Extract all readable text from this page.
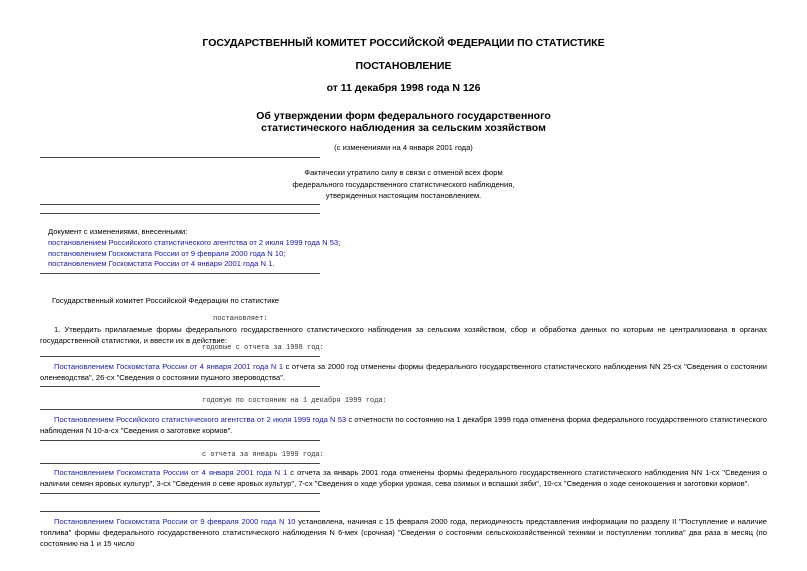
ГОСУДАРСТВЕННЫЙ КОМИТЕТ РОССИЙСКОЙ ФЕДЕРАЦИИ ПО СТАТИСТИКЕ
ПОСТАНОВЛЕНИЕ
от 11 декабря 1998 года N 126
Об утверждении форм федерального государственного
статистического наблюдения за сельским хозяйством
(с изменениями на 4 января 2001 года)
Фактически утратило силу в связи с отменой всех форм
федерального государственного статистического наблюдения,
утвержденных настоящим постановлением.
Документ с изменениями, внесенными:
постановлением Российского статистического агентства от 2 июля 1999 года N 53;
постановлением Госкомстата России от 9 февраля 2000 года N 10;
постановлением Госкомстата России от 4 января 2001 года N 1.
Государственный комитет Российской Федерации по статистике
постановляет:
1. Утвердить прилагаемые формы федерального государственного статистического наблюдения за сельским хозяйством, сбор и обработка данных по которым не централизована в органах государственной статистики, и ввести их в действие:
годовые с отчета за 1998 год:
Постановлением Госкомстата России от 4 января 2001 года N 1 с отчета за 2000 год отменены формы федерального государственного статистического наблюдения NN 25-сх "Сведения о состоянии оленеводства", 26-сх "Сведения о состоянии пушного звероводства".
годовую по состоянию на 1 декабря 1999 года:
Постановлением Российского статистического агентства от 2 июля 1999 года N 53 с отчетности по состоянию на 1 декабря 1999 года отменена форма федерального государственного статистического наблюдения N 10-а-сх "Сведения о заготовке кормов".
с отчета за январь 1999 года:
Постановлением Госкомстата России от 4 января 2001 года N 1 с отчета за январь 2001 года отменены формы федерального государственного статистического наблюдения NN 1-сх "Сведения о наличии семян яровых культур", 3-сх "Сведения о севе яровых культур", 7-сх "Сведения о ходе уборки урожая, сева озимых и вспашки зяби", 10-сх "Сведения о ходе сенокошения и заготовки кормов".
Постановлением Госкомстата России от 9 февраля 2000 года N 10 установлена, начиная с 15 февраля 2000 года, периодичность представления информации по разделу II "Поступление и наличие топлива" формы федерального государственного статистического наблюдения N 6-мех (срочная) "Сведения о состоянии сельскохозяйственной техники и поступлении топлива" два раза в месяц (по состоянию на 1 и 15 число
